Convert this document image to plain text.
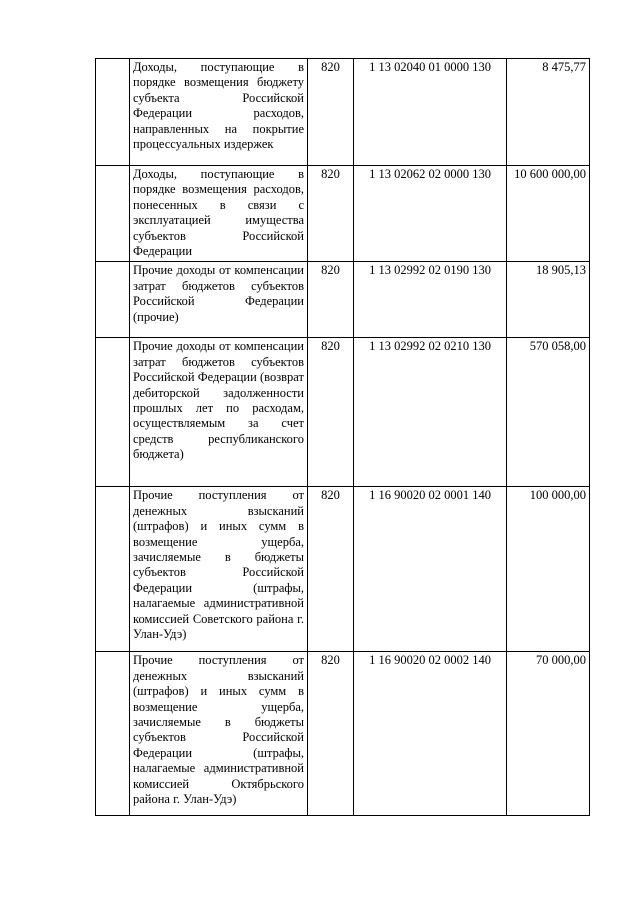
	Доходы, поступающие в порядке возмещения бюджету субъекта Российской Федерации расходов, направленных на покрытие процессуальных издержек	820	1 13 02040 01 0000 130	8 475,77
	Доходы, поступающие в порядке возмещения расходов, понесенных в связи с эксплуатацией имущества субъектов Российской Федерации	820	1 13 02062 02 0000 130	10 600 000,00
	Прочие доходы от компенсации затрат бюджетов субъектов Российской Федерации (прочие)	820	1 13 02992 02 0190 130	18 905,13
	Прочие доходы от компенсации затрат бюджетов субъектов Российской Федерации (возврат дебиторской задолженности прошлых лет по расходам, осуществляемым за счет средств республиканского бюджета)	820	1 13 02992 02 0210 130	570 058,00
	Прочие поступления от денежных взысканий (штрафов) и иных сумм в возмещение ущерба, зачисляемые в бюджеты субъектов Российской Федерации (штрафы, налагаемые административной комиссией Советского района г. Улан-Удэ)	820	1 16 90020 02 0001 140	100 000,00
	Прочие поступления от денежных взысканий (штрафов) и иных сумм в возмещение ущерба, зачисляемые в бюджеты субъектов Российской Федерации (штрафы, налагаемые административной комиссией Октябрьского района г. Улан-Удэ)	820	1 16 90020 02 0002 140	70 000,00
